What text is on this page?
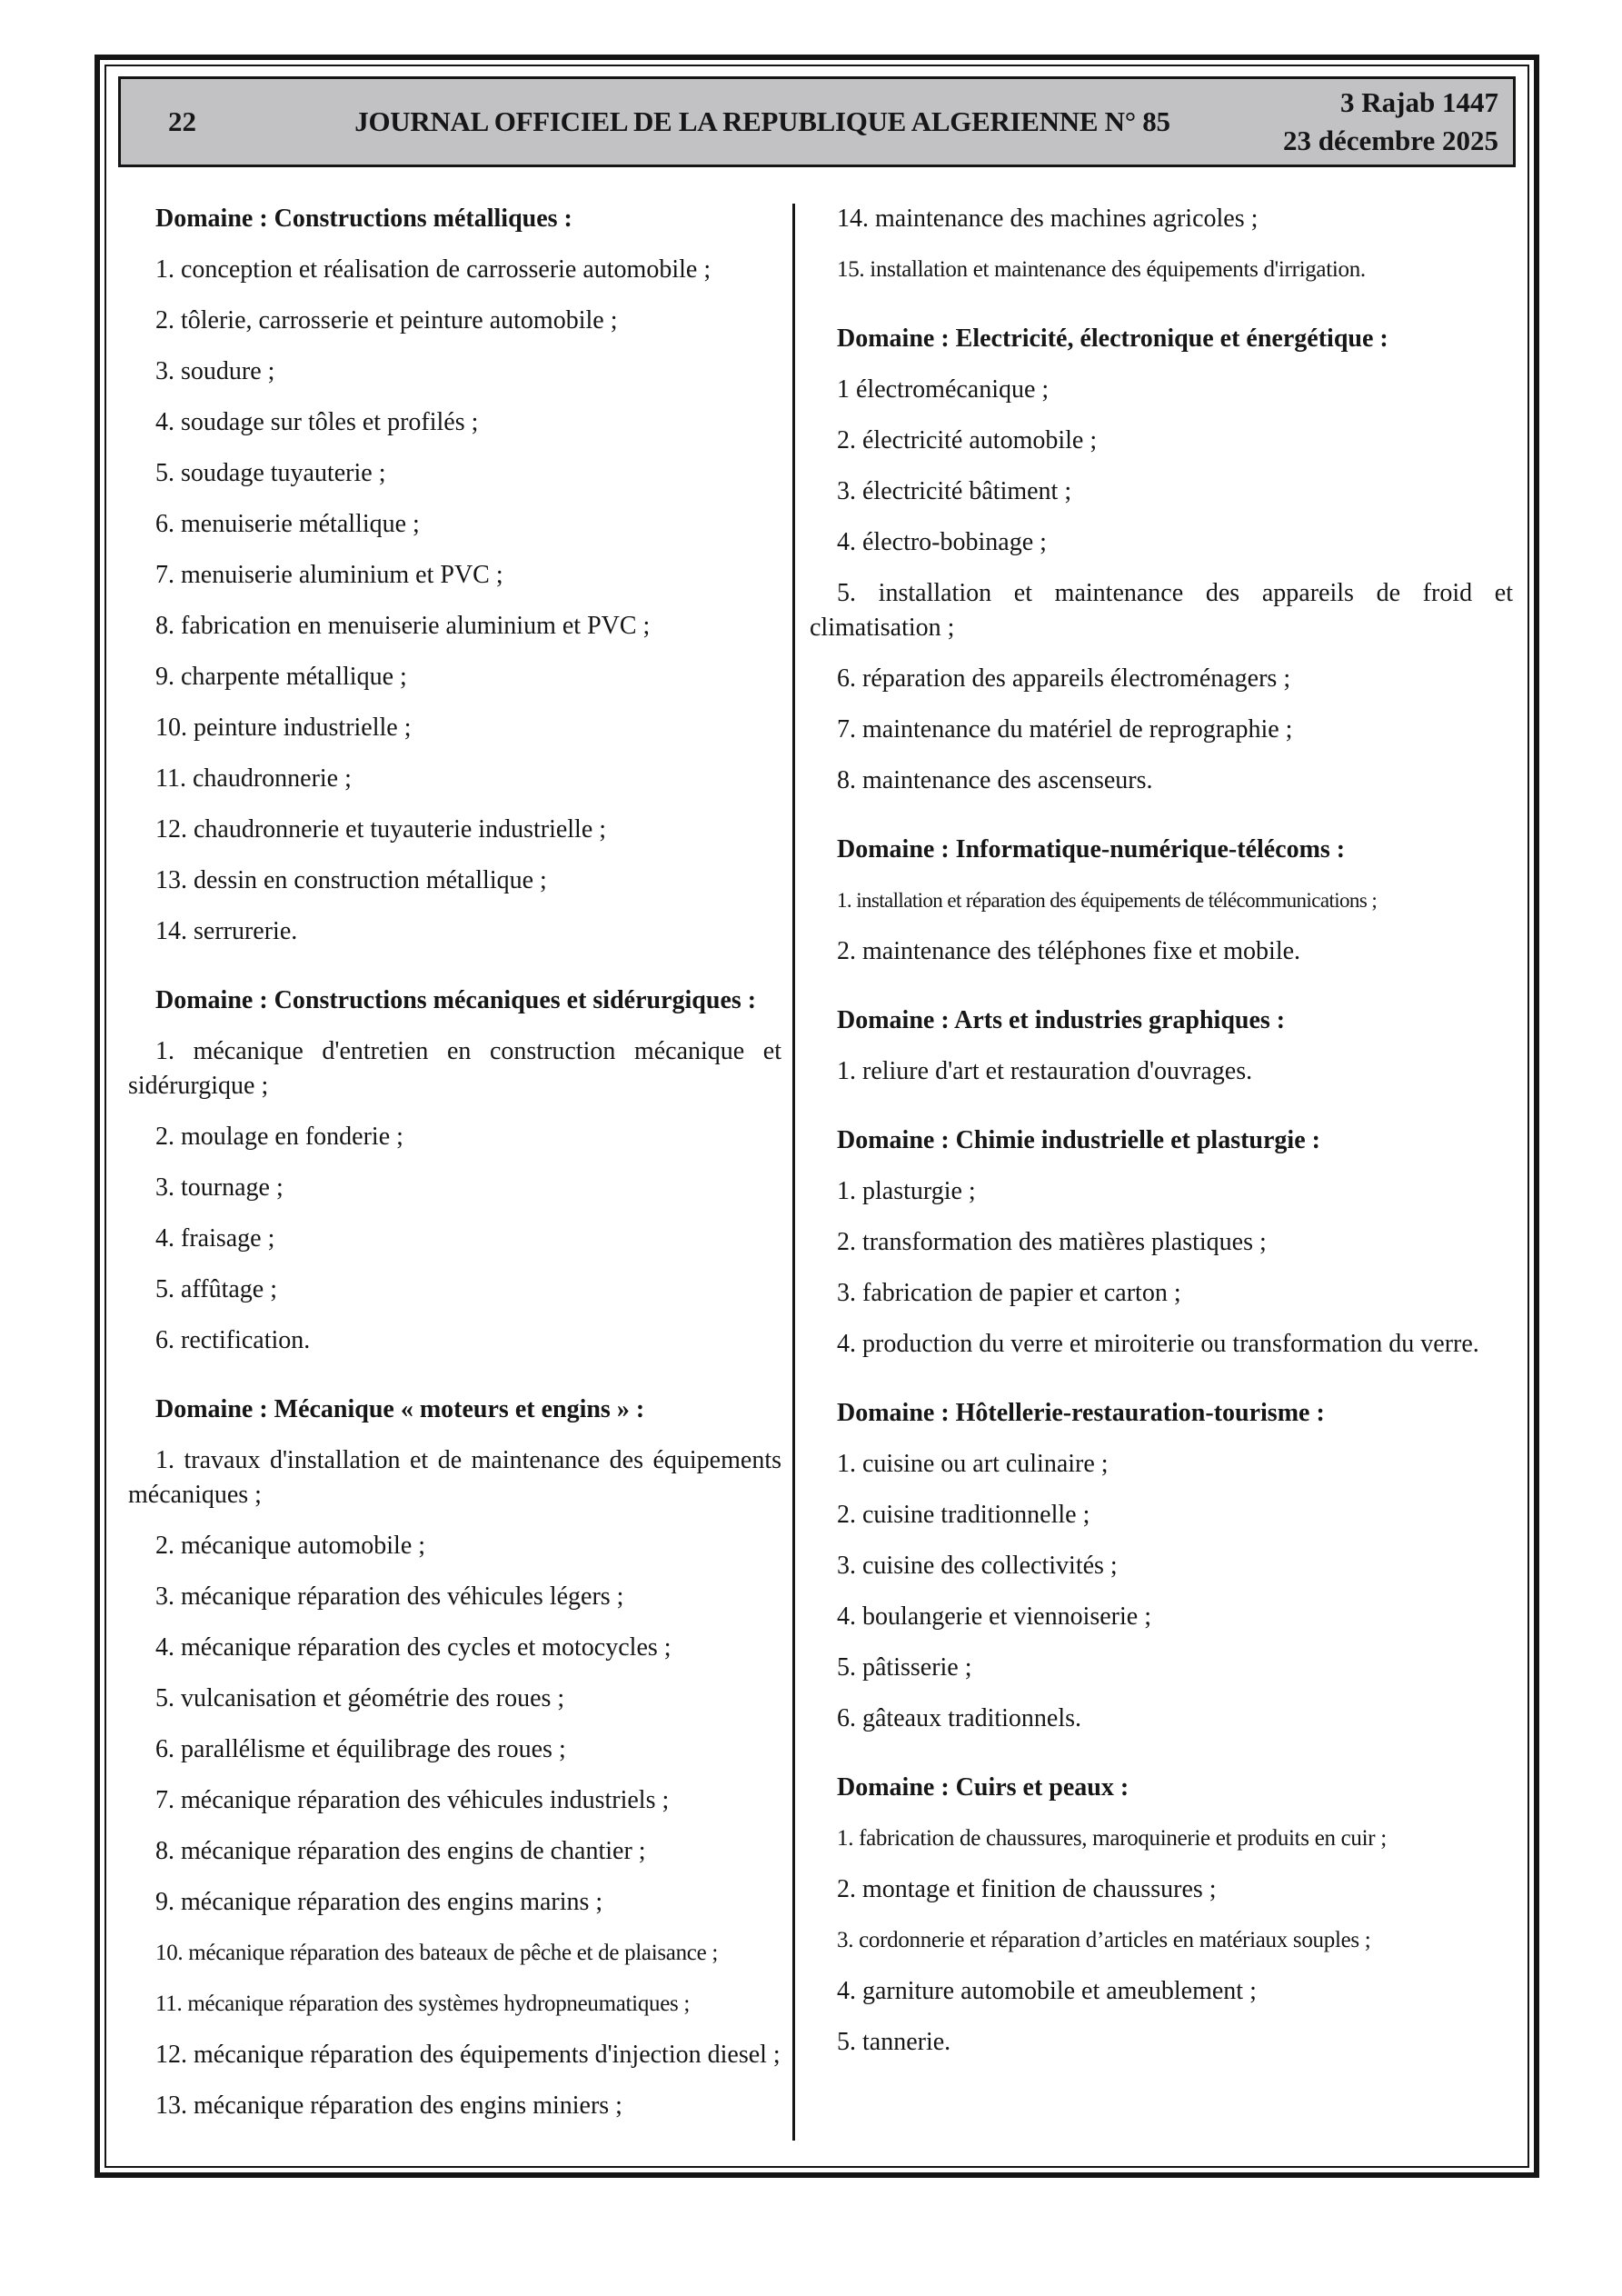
22	JOURNAL OFFICIEL DE LA REPUBLIQUE ALGERIENNE N° 85
3 Rajab 1447
23 décembre 2025

Domaine : Constructions métalliques :

1. conception et réalisation de carrosserie automobile ;

2. tôlerie, carrosserie et peinture automobile ;

3. soudure ;

4. soudage sur tôles et profilés ;

5. soudage tuyauterie ;

6. menuiserie métallique ;

7. menuiserie aluminium et PVC ;

8. fabrication en menuiserie aluminium et PVC ;

9. charpente métallique ;

10. peinture industrielle ;

11. chaudronnerie ;

12. chaudronnerie et tuyauterie industrielle ;

13. dessin en construction métallique ;

14. serrurerie.

Domaine : Constructions mécaniques et sidérurgiques :

1. mécanique d'entretien en construction mécanique et sidérurgique ;

2. moulage en fonderie ;

3. tournage ;

4. fraisage ;

5. affûtage ;

6. rectification.

Domaine : Mécanique « moteurs et engins » :

1. travaux d'installation et de maintenance des équipements mécaniques ;

2. mécanique automobile ;

3. mécanique réparation des véhicules légers ;

4. mécanique réparation des cycles et motocycles ;

5. vulcanisation et géométrie des roues ;

6. parallélisme et équilibrage des roues ;

7. mécanique réparation des véhicules industriels ;

8. mécanique réparation des engins de chantier ;

9. mécanique réparation des engins marins ;

10. mécanique réparation des bateaux de pêche et de plaisance ;

11. mécanique réparation des systèmes hydropneumatiques ;

12. mécanique réparation des équipements d'injection diesel ;

13. mécanique réparation des engins miniers ;

14. maintenance des machines agricoles ;

15. installation et maintenance des équipements d'irrigation.

Domaine : Electricité, électronique et énergétique :

1 électromécanique ;

2. électricité automobile ;

3. électricité bâtiment ;

4. électro-bobinage ;

5. installation et maintenance des appareils de froid et climatisation ;

6. réparation des appareils électroménagers ;

7. maintenance du matériel de reprographie ;

8. maintenance des ascenseurs.

Domaine : Informatique-numérique-télécoms :

1. installation et réparation des équipements de télécommunications ;

2. maintenance des téléphones fixe et mobile.

Domaine : Arts et industries graphiques :

1. reliure d'art et restauration d'ouvrages.

Domaine : Chimie industrielle et plasturgie :

1. plasturgie ;

2. transformation des matières plastiques ;

3. fabrication de papier et carton ;

4. production du verre et miroiterie ou transformation du verre.

Domaine : Hôtellerie-restauration-tourisme :

1. cuisine ou art culinaire ;

2. cuisine traditionnelle ;

3. cuisine des collectivités ;

4. boulangerie et viennoiserie ;

5. pâtisserie ;

6. gâteaux traditionnels.

Domaine : Cuirs et peaux :

1. fabrication de chaussures, maroquinerie et produits en cuir ;

2. montage et finition de chaussures ;

3. cordonnerie et réparation d’articles en matériaux souples ;

4. garniture automobile et ameublement ;

5. tannerie.
